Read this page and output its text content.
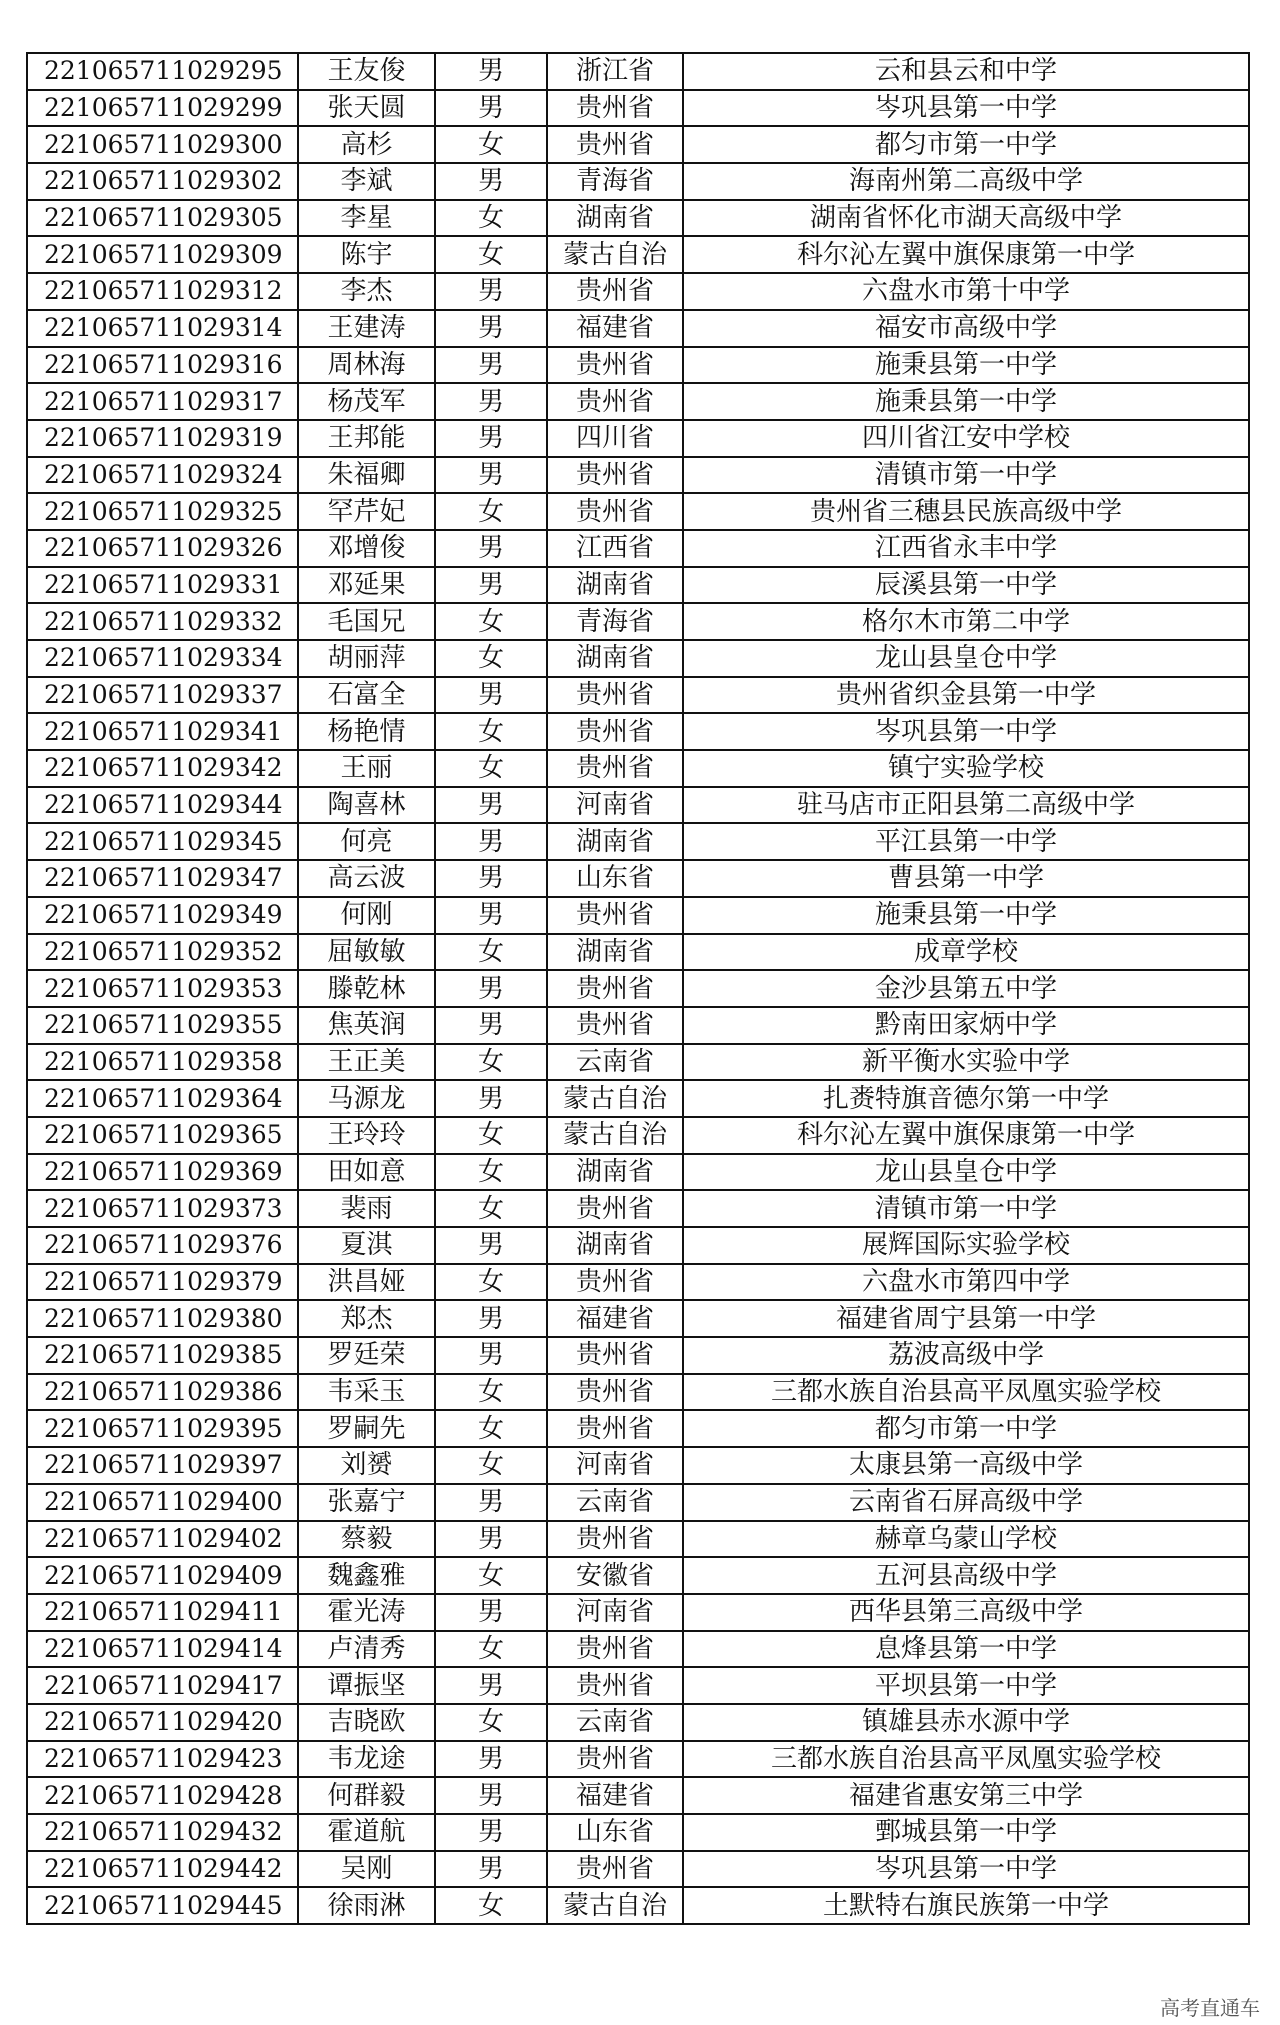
221065711029295	王友俊	男	浙江省	云和县云和中学
221065711029299	张天圆	男	贵州省	岑巩县第一中学
221065711029300	高杉	女	贵州省	都匀市第一中学
221065711029302	李斌	男	青海省	海南州第二高级中学
221065711029305	李星	女	湖南省	湖南省怀化市湖天高级中学
221065711029309	陈宇	女	蒙古自治	科尔沁左翼中旗保康第一中学
221065711029312	李杰	男	贵州省	六盘水市第十中学
221065711029314	王建涛	男	福建省	福安市高级中学
221065711029316	周林海	男	贵州省	施秉县第一中学
221065711029317	杨茂军	男	贵州省	施秉县第一中学
221065711029319	王邦能	男	四川省	四川省江安中学校
221065711029324	朱福卿	男	贵州省	清镇市第一中学
221065711029325	罕芹妃	女	贵州省	贵州省三穗县民族高级中学
221065711029326	邓增俊	男	江西省	江西省永丰中学
221065711029331	邓延果	男	湖南省	辰溪县第一中学
221065711029332	毛国兄	女	青海省	格尔木市第二中学
221065711029334	胡丽萍	女	湖南省	龙山县皇仓中学
221065711029337	石富全	男	贵州省	贵州省织金县第一中学
221065711029341	杨艳情	女	贵州省	岑巩县第一中学
221065711029342	王丽	女	贵州省	镇宁实验学校
221065711029344	陶喜林	男	河南省	驻马店市正阳县第二高级中学
221065711029345	何亮	男	湖南省	平江县第一中学
221065711029347	高云波	男	山东省	曹县第一中学
221065711029349	何刚	男	贵州省	施秉县第一中学
221065711029352	屈敏敏	女	湖南省	成章学校
221065711029353	滕乾林	男	贵州省	金沙县第五中学
221065711029355	焦英润	男	贵州省	黔南田家炳中学
221065711029358	王正美	女	云南省	新平衡水实验中学
221065711029364	马源龙	男	蒙古自治	扎赉特旗音德尔第一中学
221065711029365	王玲玲	女	蒙古自治	科尔沁左翼中旗保康第一中学
221065711029369	田如意	女	湖南省	龙山县皇仓中学
221065711029373	裴雨	女	贵州省	清镇市第一中学
221065711029376	夏淇	男	湖南省	展辉国际实验学校
221065711029379	洪昌娅	女	贵州省	六盘水市第四中学
221065711029380	郑杰	男	福建省	福建省周宁县第一中学
221065711029385	罗廷荣	男	贵州省	荔波高级中学
221065711029386	韦采玉	女	贵州省	三都水族自治县高平凤凰实验学校
221065711029395	罗嗣先	女	贵州省	都匀市第一中学
221065711029397	刘赟	女	河南省	太康县第一高级中学
221065711029400	张嘉宁	男	云南省	云南省石屏高级中学
221065711029402	蔡毅	男	贵州省	赫章乌蒙山学校
221065711029409	魏鑫雅	女	安徽省	五河县高级中学
221065711029411	霍光涛	男	河南省	西华县第三高级中学
221065711029414	卢清秀	女	贵州省	息烽县第一中学
221065711029417	谭振坚	男	贵州省	平坝县第一中学
221065711029420	吉晓欧	女	云南省	镇雄县赤水源中学
221065711029423	韦龙途	男	贵州省	三都水族自治县高平凤凰实验学校
221065711029428	何群毅	男	福建省	福建省惠安第三中学
221065711029432	霍道航	男	山东省	鄄城县第一中学
221065711029442	吴刚	男	贵州省	岑巩县第一中学
221065711029445	徐雨淋	女	蒙古自治	土默特右旗民族第一中学
高考直通车
